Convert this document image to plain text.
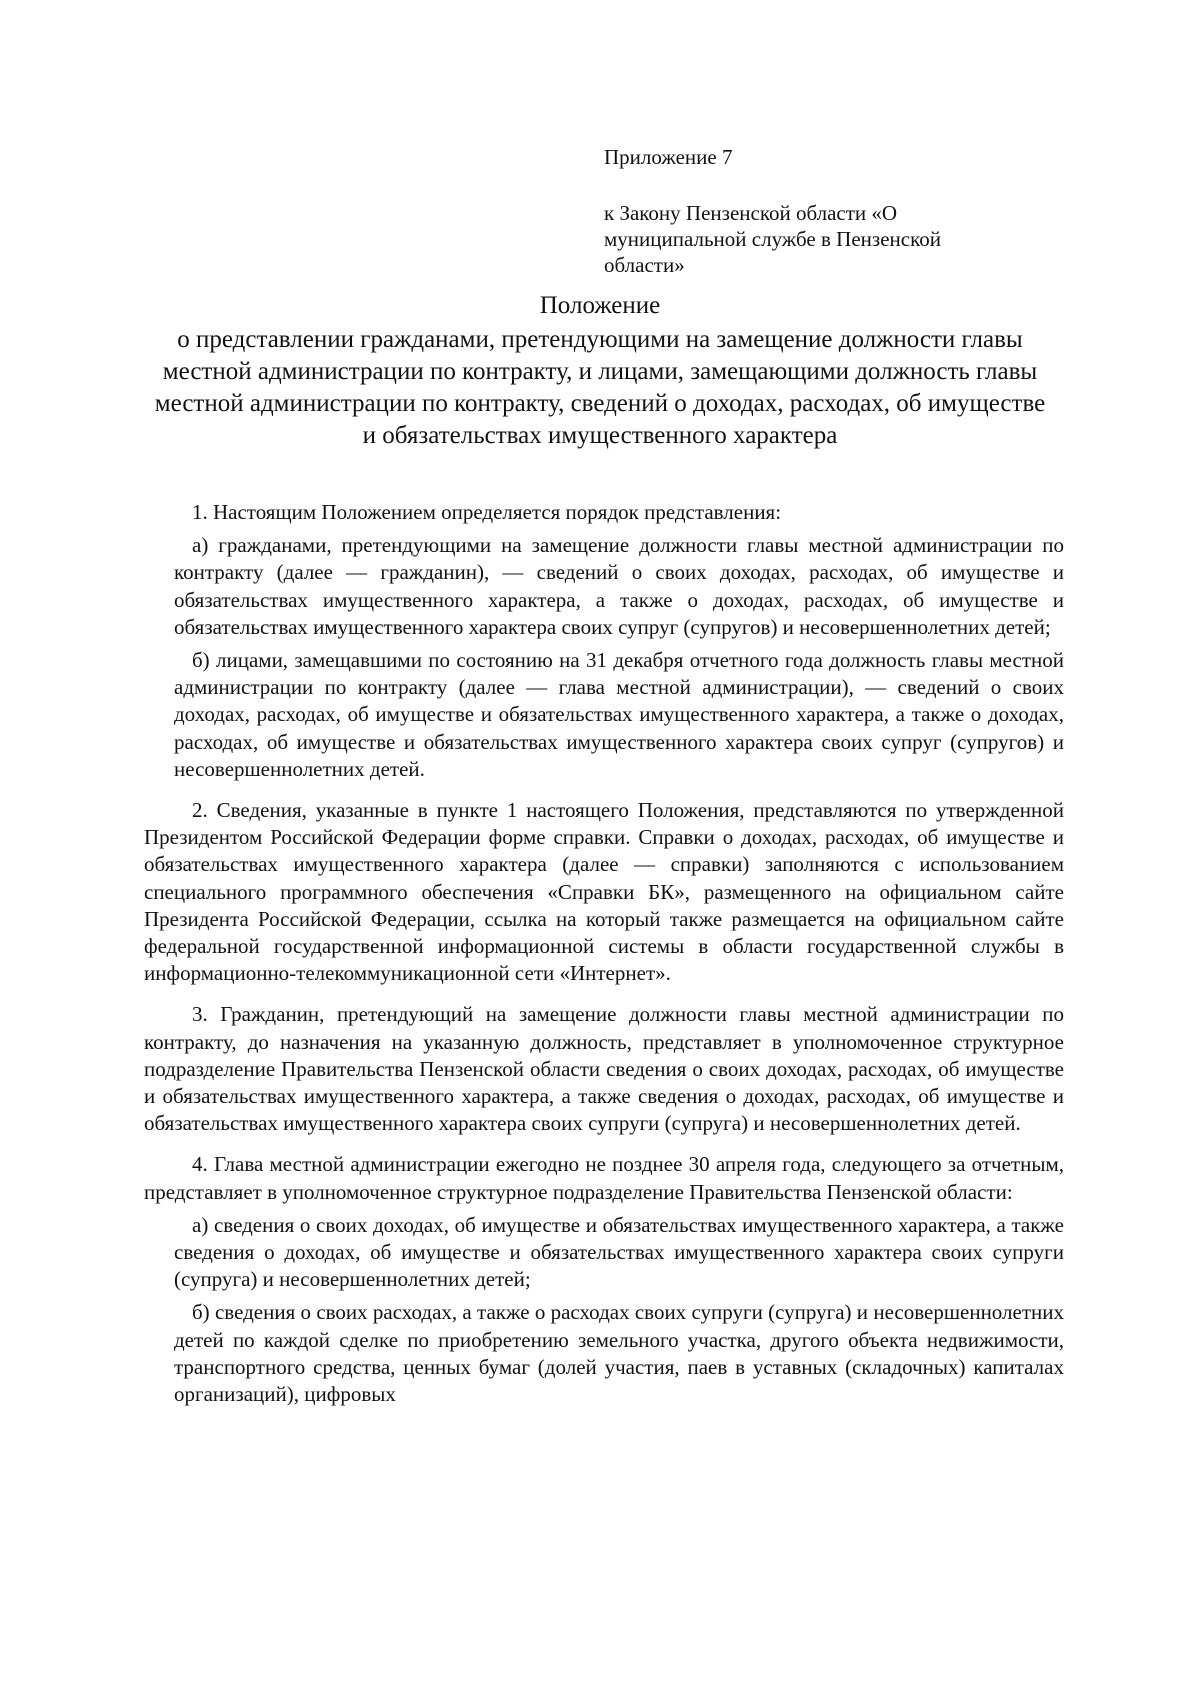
Приложение 7

к Закону Пензенской области «О муниципальной службе в Пензенской области»

Положение

о представлении гражданами, претендующими на замещение должности главы местной администрации по контракту, и лицами, замещающими должность главы местной администрации по контракту, сведений о доходах, расходах, об имуществе и обязательствах имущественного характера

1. Настоящим Положением определяется порядок представления:

а) гражданами, претендующими на замещение должности главы местной администрации по контракту (далее — гражданин), — сведений о своих доходах, расходах, об имуществе и обязательствах имущественного характера, а также о доходах, расходах, об имуществе и обязательствах имущественного характера своих супруг (супругов) и несовершеннолетних детей;

б) лицами, замещавшими по состоянию на 31 декабря отчетного года должность главы местной администрации по контракту (далее — глава местной администрации), — сведений о своих доходах, расходах, об имуществе и обязательствах имущественного характера, а также о доходах, расходах, об имуществе и обязательствах имущественного характера своих супруг (супругов) и несовершеннолетних детей.

2. Сведения, указанные в пункте 1 настоящего Положения, представляются по утвержденной Президентом Российской Федерации форме справки. Справки о доходах, расходах, об имуществе и обязательствах имущественного характера (далее — справки) заполняются с использованием специального программного обеспечения «Справки БК», размещенного на официальном сайте Президента Российской Федерации, ссылка на который также размещается на официальном сайте федеральной государственной информационной системы в области государственной службы в информационно-телекоммуникационной сети «Интернет».

3. Гражданин, претендующий на замещение должности главы местной администрации по контракту, до назначения на указанную должность, представляет в уполномоченное структурное подразделение Правительства Пензенской области сведения о своих доходах, расходах, об имуществе и обязательствах имущественного характера, а также сведения о доходах, расходах, об имуществе и обязательствах имущественного характера своих супруги (супруга) и несовершеннолетних детей.

4. Глава местной администрации ежегодно не позднее 30 апреля года, следующего за отчетным, представляет в уполномоченное структурное подразделение Правительства Пензенской области:

а) сведения о своих доходах, об имуществе и обязательствах имущественного характера, а также сведения о доходах, об имуществе и обязательствах имущественного характера своих супруги (супруга) и несовершеннолетних детей;

б) сведения о своих расходах, а также о расходах своих супруги (супруга) и несовершеннолетних детей по каждой сделке по приобретению земельного участка, другого объекта недвижимости, транспортного средства, ценных бумаг (долей участия, паев в уставных (складочных) капиталах организаций), цифровых
